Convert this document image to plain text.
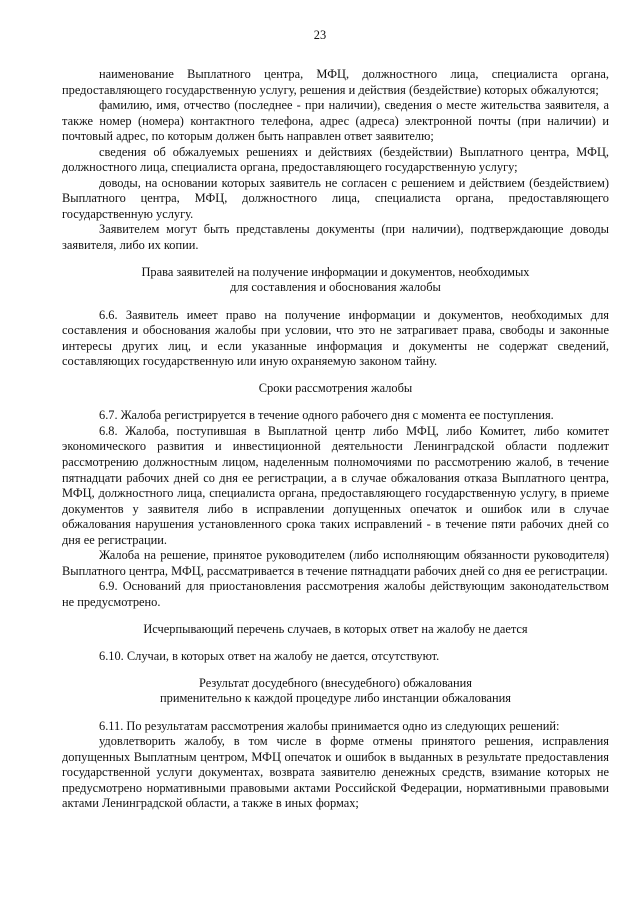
23

наименование Выплатного центра, МФЦ, должностного лица, специалиста органа, предоставляющего государственную услугу, решения и действия (бездействие) которых обжалуются;

фамилию, имя, отчество (последнее - при наличии), сведения о месте жительства заявителя, а также номер (номера) контактного телефона, адрес (адреса) электронной почты (при наличии) и почтовый адрес, по которым должен быть направлен ответ заявителю;

сведения об обжалуемых решениях и действиях (бездействии) Выплатного центра, МФЦ, должностного лица, специалиста органа, предоставляющего государственную услугу;

доводы, на основании которых заявитель не согласен с решением и действием (бездействием) Выплатного центра, МФЦ, должностного лица, специалиста органа, предоставляющего государственную услугу.

Заявителем могут быть представлены документы (при наличии), подтверждающие доводы заявителя, либо их копии.

Права заявителей на получение информации и документов, необходимых
для составления и обоснования жалобы

6.6. Заявитель имеет право на получение информации и документов, необходимых для составления и обоснования жалобы при условии, что это не затрагивает права, свободы и законные интересы других лиц, и если указанные информация и документы не содержат сведений, составляющих государственную или иную охраняемую законом тайну.

Сроки рассмотрения жалобы

6.7. Жалоба регистрируется в течение одного рабочего дня с момента ее поступления.

6.8. Жалоба, поступившая в Выплатной центр либо МФЦ, либо Комитет, либо комитет экономического развития и инвестиционной деятельности Ленинградской области подлежит рассмотрению должностным лицом, наделенным полномочиями по рассмотрению жалоб, в течение пятнадцати рабочих дней со дня ее регистрации, а в случае обжалования отказа Выплатного центра, МФЦ, должностного лица, специалиста органа, предоставляющего государственную услугу, в приеме документов у заявителя либо в исправлении допущенных опечаток и ошибок или в случае обжалования нарушения установленного срока таких исправлений - в течение пяти рабочих дней со дня ее регистрации.

Жалоба на решение, принятое руководителем (либо исполняющим обязанности руководителя) Выплатного центра, МФЦ, рассматривается в течение пятнадцати рабочих дней со дня ее регистрации.

6.9. Оснований для приостановления рассмотрения жалобы действующим законодательством не предусмотрено.

Исчерпывающий перечень случаев, в которых ответ на жалобу не дается

6.10. Случаи, в которых ответ на жалобу не дается, отсутствуют.

Результат досудебного (внесудебного) обжалования
применительно к каждой процедуре либо инстанции обжалования

6.11. По результатам рассмотрения жалобы принимается одно из следующих решений:

удовлетворить жалобу, в том числе в форме отмены принятого решения, исправления допущенных Выплатным центром, МФЦ опечаток и ошибок в выданных в результате предоставления государственной услуги документах, возврата заявителю денежных средств, взимание которых не предусмотрено нормативными правовыми актами Российской Федерации, нормативными правовыми актами Ленинградской области, а также в иных формах;
